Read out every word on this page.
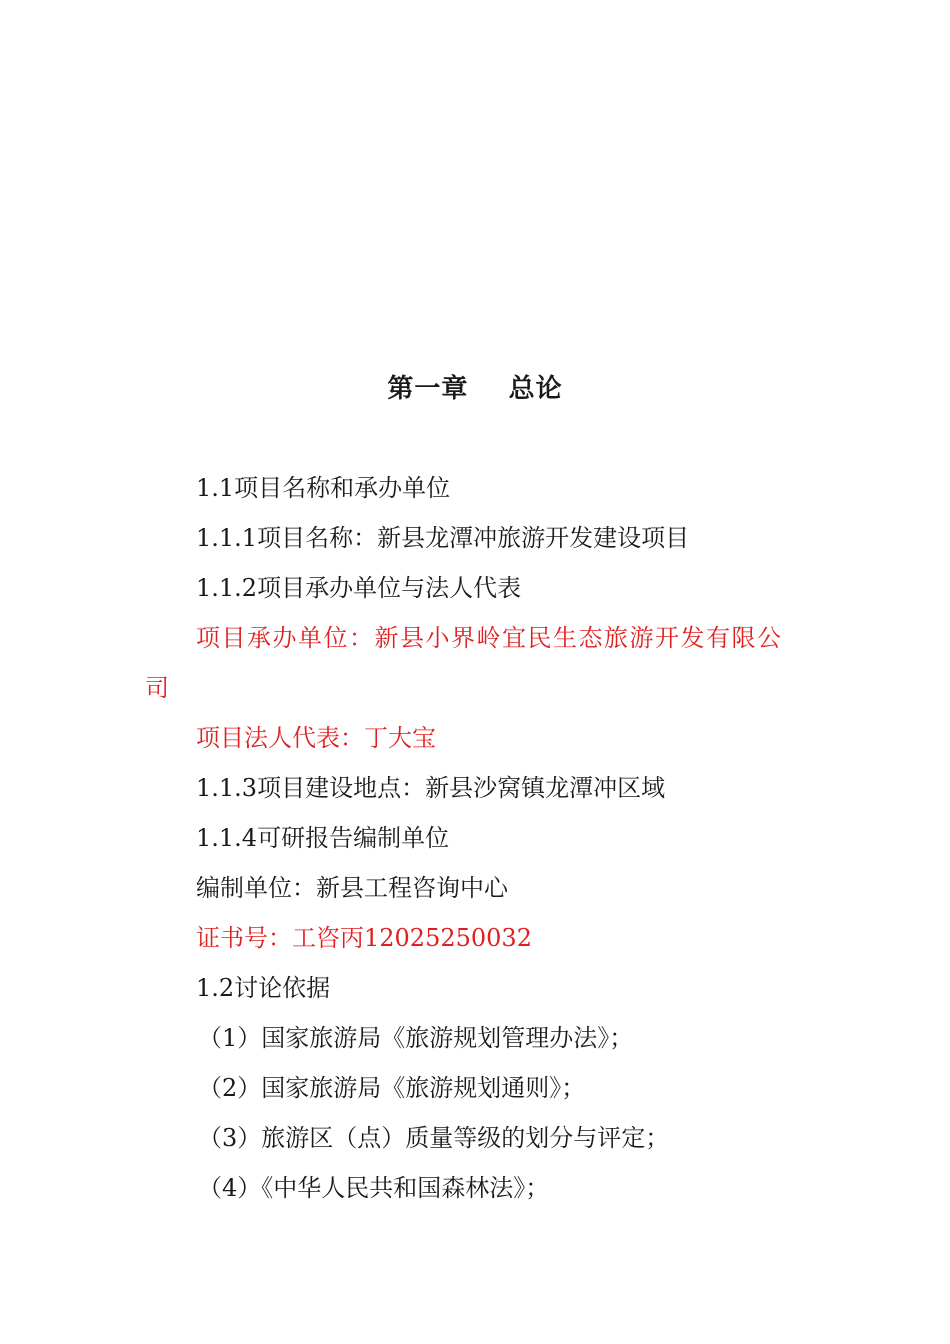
第一章    总论
1.1项目名称和承办单位
1.1.1项目名称：新县龙潭冲旅游开发建设项目
1.1.2项目承办单位与法人代表
项目承办单位：新县小界岭宜民生态旅游开发有限公
司
项目法人代表：丁大宝
1.1.3项目建设地点：新县沙窝镇龙潭冲区域
1.1.4可研报告编制单位
编制单位：新县工程咨询中心
证书号：工咨丙12025250032
1.2讨论依据
（1）国家旅游局《旅游规划管理办法》；
（2）国家旅游局《旅游规划通则》；
（3）旅游区（点）质量等级的划分与评定；
（4）《中华人民共和国森林法》；
